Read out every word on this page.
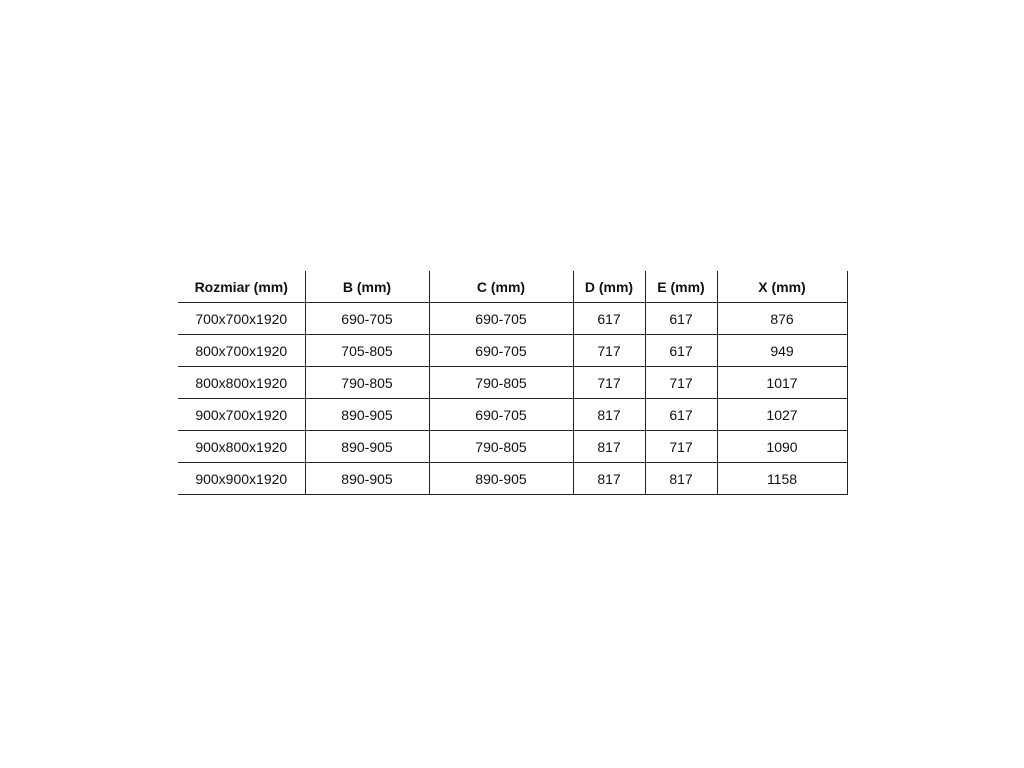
Rozmiar (mm)	B (mm)	C (mm)	D (mm)	E (mm)	X (mm)
700x700x1920	690-705	690-705	617	617	876
800x700x1920	705-805	690-705	717	617	949
800x800x1920	790-805	790-805	717	717	1017
900x700x1920	890-905	690-705	817	617	1027
900x800x1920	890-905	790-805	817	717	1090
900x900x1920	890-905	890-905	817	817	1158
